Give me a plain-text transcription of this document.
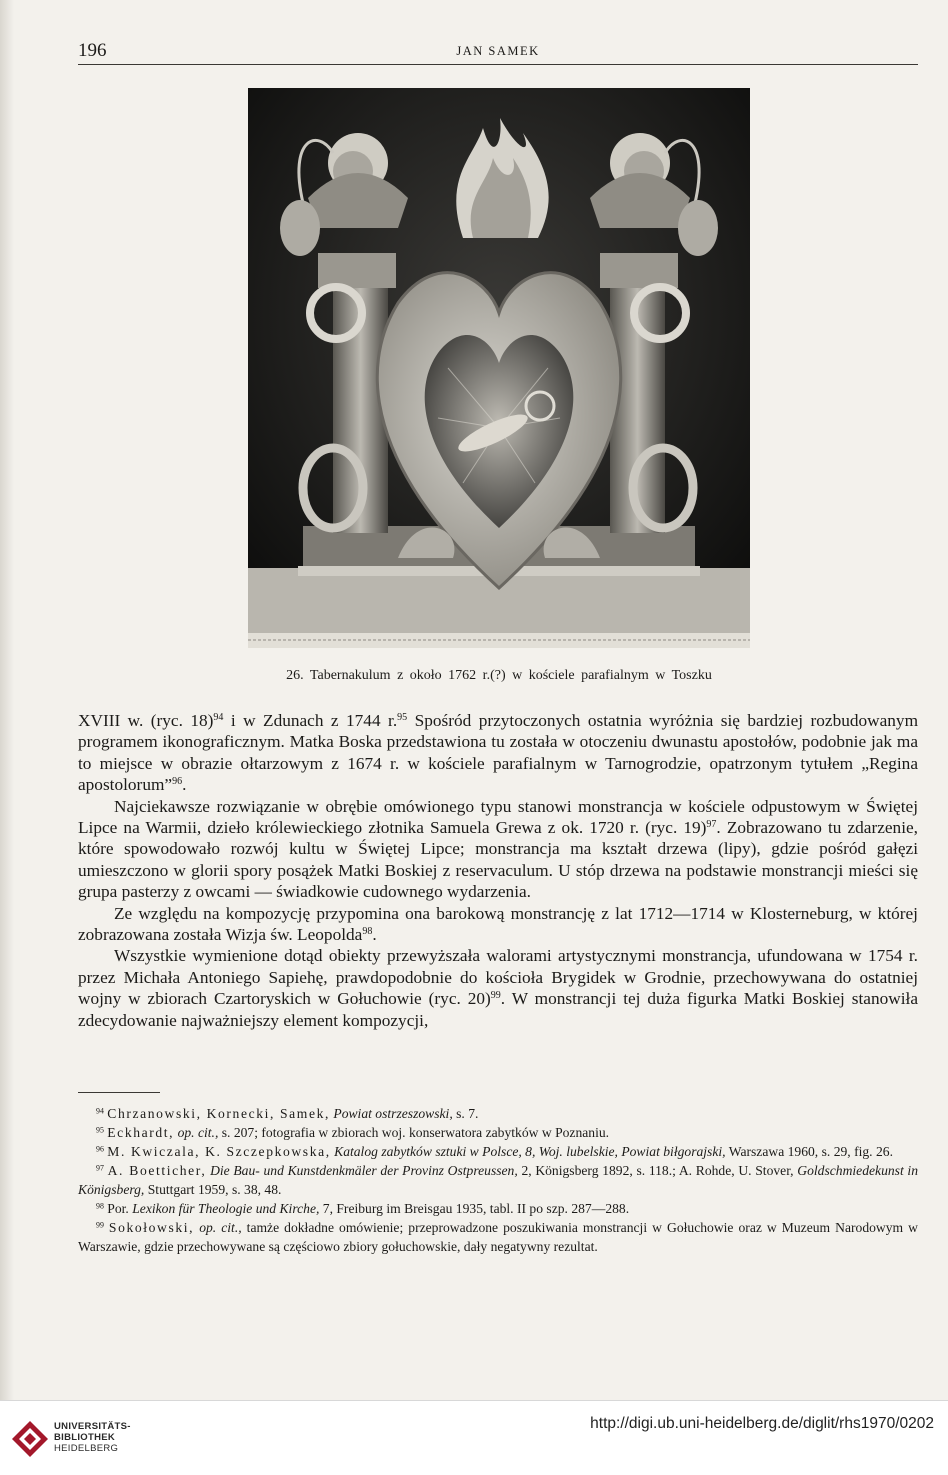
196	JAN SAMEK
26. Tabernakulum z około 1762 r.(?) w kościele parafialnym w Toszku

XVIII w. (ryc. 18)$^{94}$ i w Zdunach z 1744 r.$^{95}$ Spośród przytoczonych ostatnia wyróżnia się bardziej rozbudowanym programem ikonograficznym. Matka Boska przedstawiona tu została w otoczeniu dwunastu apostołów, podobnie jak ma to miejsce w obrazie ołtarzowym z 1674 r. w kościele parafialnym w Tarnogrodzie, opatrzonym tytułem „Regina apostolorum”$^{96}$.

Najciekawsze rozwiązanie w obrębie omówionego typu stanowi monstrancja w kościele odpustowym w Świętej Lipce na Warmii, dzieło królewieckiego złotnika Samuela Grewa z ok. 1720 r. (ryc. 19)$^{97}$. Zobrazowano tu zdarzenie, które spowodowało rozwój kultu w Świętej Lipce; monstrancja ma kształt drzewa (lipy), gdzie pośród gałęzi umieszczono w glorii spory posążek Matki Boskiej z reservaculum. U stóp drzewa na podstawie monstrancji mieści się grupa pasterzy z owcami — świadkowie cudownego wydarzenia.

Ze względu na kompozycję przypomina ona barokową monstrancję z lat 1712—1714 w Klosterneburg, w której zobrazowana została Wizja św. Leopolda$^{98}$.

Wszystkie wymienione dotąd obiekty przewyższała walorami artystycznymi monstrancja, ufundowana w 1754 r. przez Michała Antoniego Sapiehę, prawdopodobnie do kościoła Brygidek w Grodnie, przechowywana do ostatniej wojny w zbiorach Czartoryskich w Gołuchowie (ryc. 20)$^{99}$. W monstrancji tej duża figurka Matki Boskiej stanowiła zdecydowanie najważniejszy element kompozycji,

$^{94}$ Chrzanowski, Kornecki, Samek, Powiat ostrzeszowski, s. 7.

$^{95}$ Eckhardt, op. cit., s. 207; fotografia w zbiorach woj. konserwatora zabytków w Poznaniu.

$^{96}$ M. Kwiczala, K. Szczepkowska, Katalog zabytków sztuki w Polsce, 8, Woj. lubelskie, Powiat biłgorajski, Warszawa 1960, s. 29, fig. 26.

$^{97}$ A. Boetticher, Die Bau- und Kunstdenkmäler der Provinz Ostpreussen, 2, Königsberg 1892, s. 118.; A. Rohde, U. Stover, Goldschmiedekunst in Königsberg, Stuttgart 1959, s. 38, 48.

$^{98}$ Por. Lexikon für Theologie und Kirche, 7, Freiburg im Breisgau 1935, tabl. II po szp. 287—288.

$^{99}$ Sokołowski, op. cit., tamże dokładne omówienie; przeprowadzone poszukiwania monstrancji w Gołuchowie oraz w Muzeum Narodowym w Warszawie, gdzie przechowywane są częściowo zbiory gołuchowskie, dały negatywny rezultat.

UNIVERSITÄTS-
BIBLIOTHEK
HEIDELBERG
http://digi.ub.uni-heidelberg.de/diglit/rhs1970/0202
